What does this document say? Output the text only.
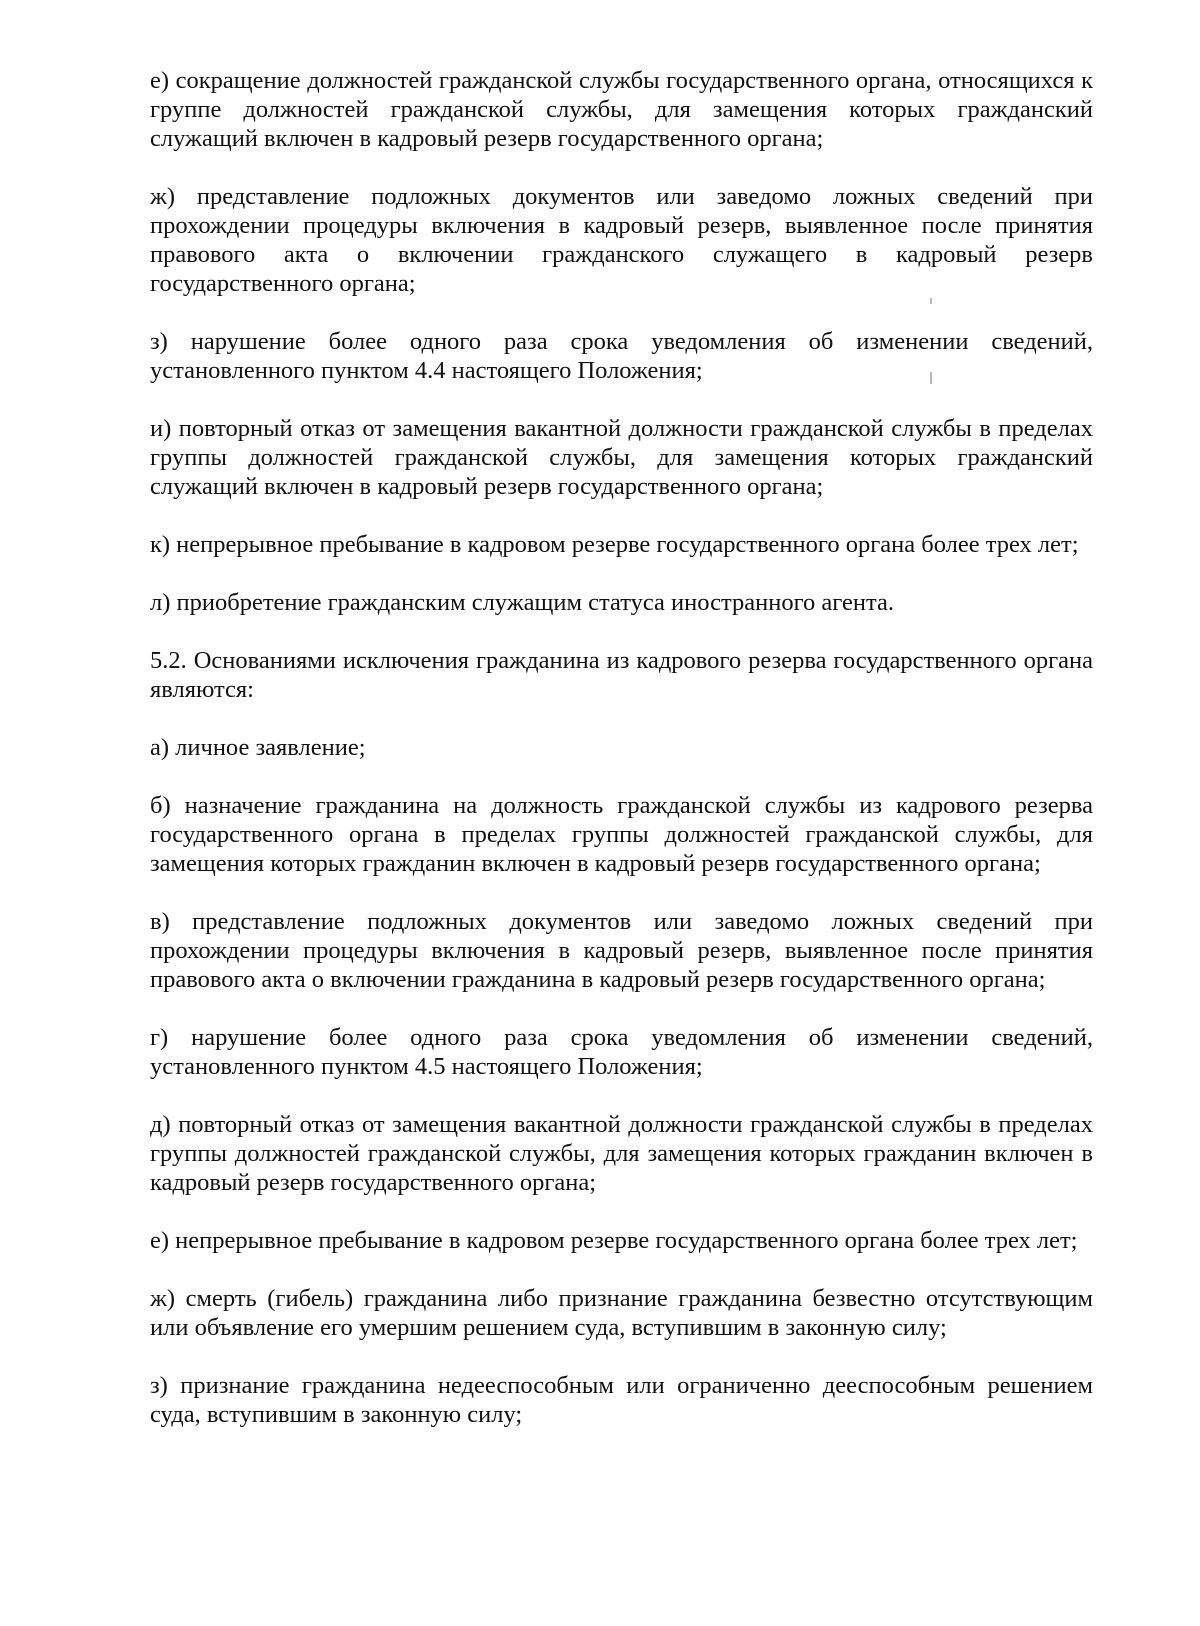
е) сокращение должностей гражданской службы государственного органа, относящихся к группе должностей гражданской службы, для замещения которых гражданский служащий включен в кадровый резерв государственного органа;

ж) представление подложных документов или заведомо ложных сведений при прохождении процедуры включения в кадровый резерв, выявленное после принятия правового акта о включении гражданского служащего в кадровый резерв государственного органа;

з) нарушение более одного раза срока уведомления об изменении сведений, установленного пунктом 4.4 настоящего Положения;

и) повторный отказ от замещения вакантной должности гражданской службы в пределах группы должностей гражданской службы, для замещения которых гражданский служащий включен в кадровый резерв государственного органа;

к) непрерывное пребывание в кадровом резерве государственного органа более трех лет;

л) приобретение гражданским служащим статуса иностранного агента.

5.2. Основаниями исключения гражданина из кадрового резерва государственного органа являются:

а) личное заявление;

б) назначение гражданина на должность гражданской службы из кадрового резерва государственного органа в пределах группы должностей гражданской службы, для замещения которых гражданин включен в кадровый резерв государственного органа;

в) представление подложных документов или заведомо ложных сведений при прохождении процедуры включения в кадровый резерв, выявленное после принятия правового акта о включении гражданина в кадровый резерв государственного органа;

г) нарушение более одного раза срока уведомления об изменении сведений, установленного пунктом 4.5 настоящего Положения;

д) повторный отказ от замещения вакантной должности гражданской службы в пределах группы должностей гражданской службы, для замещения которых гражданин включен в кадровый резерв государственного органа;

е) непрерывное пребывание в кадровом резерве государственного органа более трех лет;

ж) смерть (гибель) гражданина либо признание гражданина безвестно отсутствующим или объявление его умершим решением суда, вступившим в законную силу;

з) признание гражданина недееспособным или ограниченно дееспособным решением суда, вступившим в законную силу;
